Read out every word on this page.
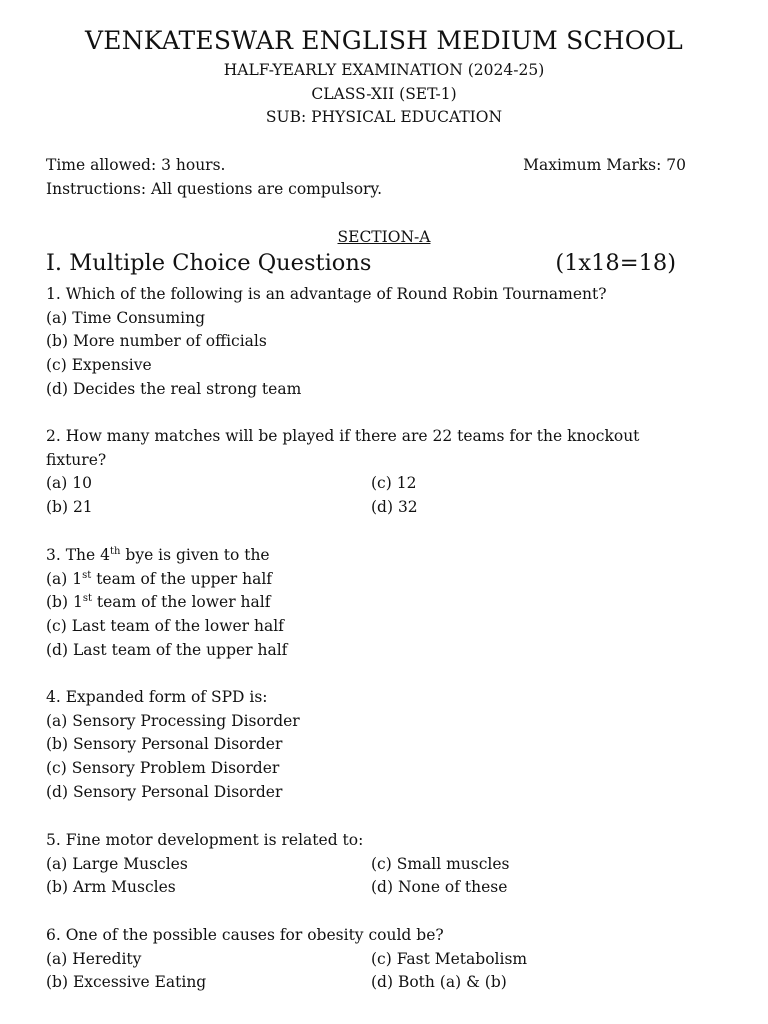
VENKATESWAR ENGLISH MEDIUM SCHOOL
HALF-YEARLY EXAMINATION (2024-25)
CLASS-XII (SET-1)
SUB: PHYSICAL EDUCATION
Time allowed: 3 hours.	Maximum Marks: 70
Instructions: All questions are compulsory.
SECTION-A
I. Multiple Choice Questions	(1x18=18)
1. Which of the following is an advantage of Round Robin Tournament?
(a) Time Consuming
(b) More number of officials
(c) Expensive
(d) Decides the real strong team
2. How many matches will be played if there are 22 teams for the knockout fixture?
(a) 10	(c) 12
(b) 21	(d) 32
3. The 4th bye is given to the
(a) 1st team of the upper half
(b) 1st team of the lower half
(c) Last team of the lower half
(d) Last team of the upper half
4. Expanded form of SPD is:
(a) Sensory Processing Disorder
(b) Sensory Personal Disorder
(c) Sensory Problem Disorder
(d) Sensory Personal Disorder
5. Fine motor development is related to:
(a) Large Muscles	(c) Small muscles
(b) Arm Muscles	(d) None of these
6. One of the possible causes for obesity could be?
(a) Heredity	(c) Fast Metabolism
(b) Excessive Eating	(d) Both (a) & (b)
